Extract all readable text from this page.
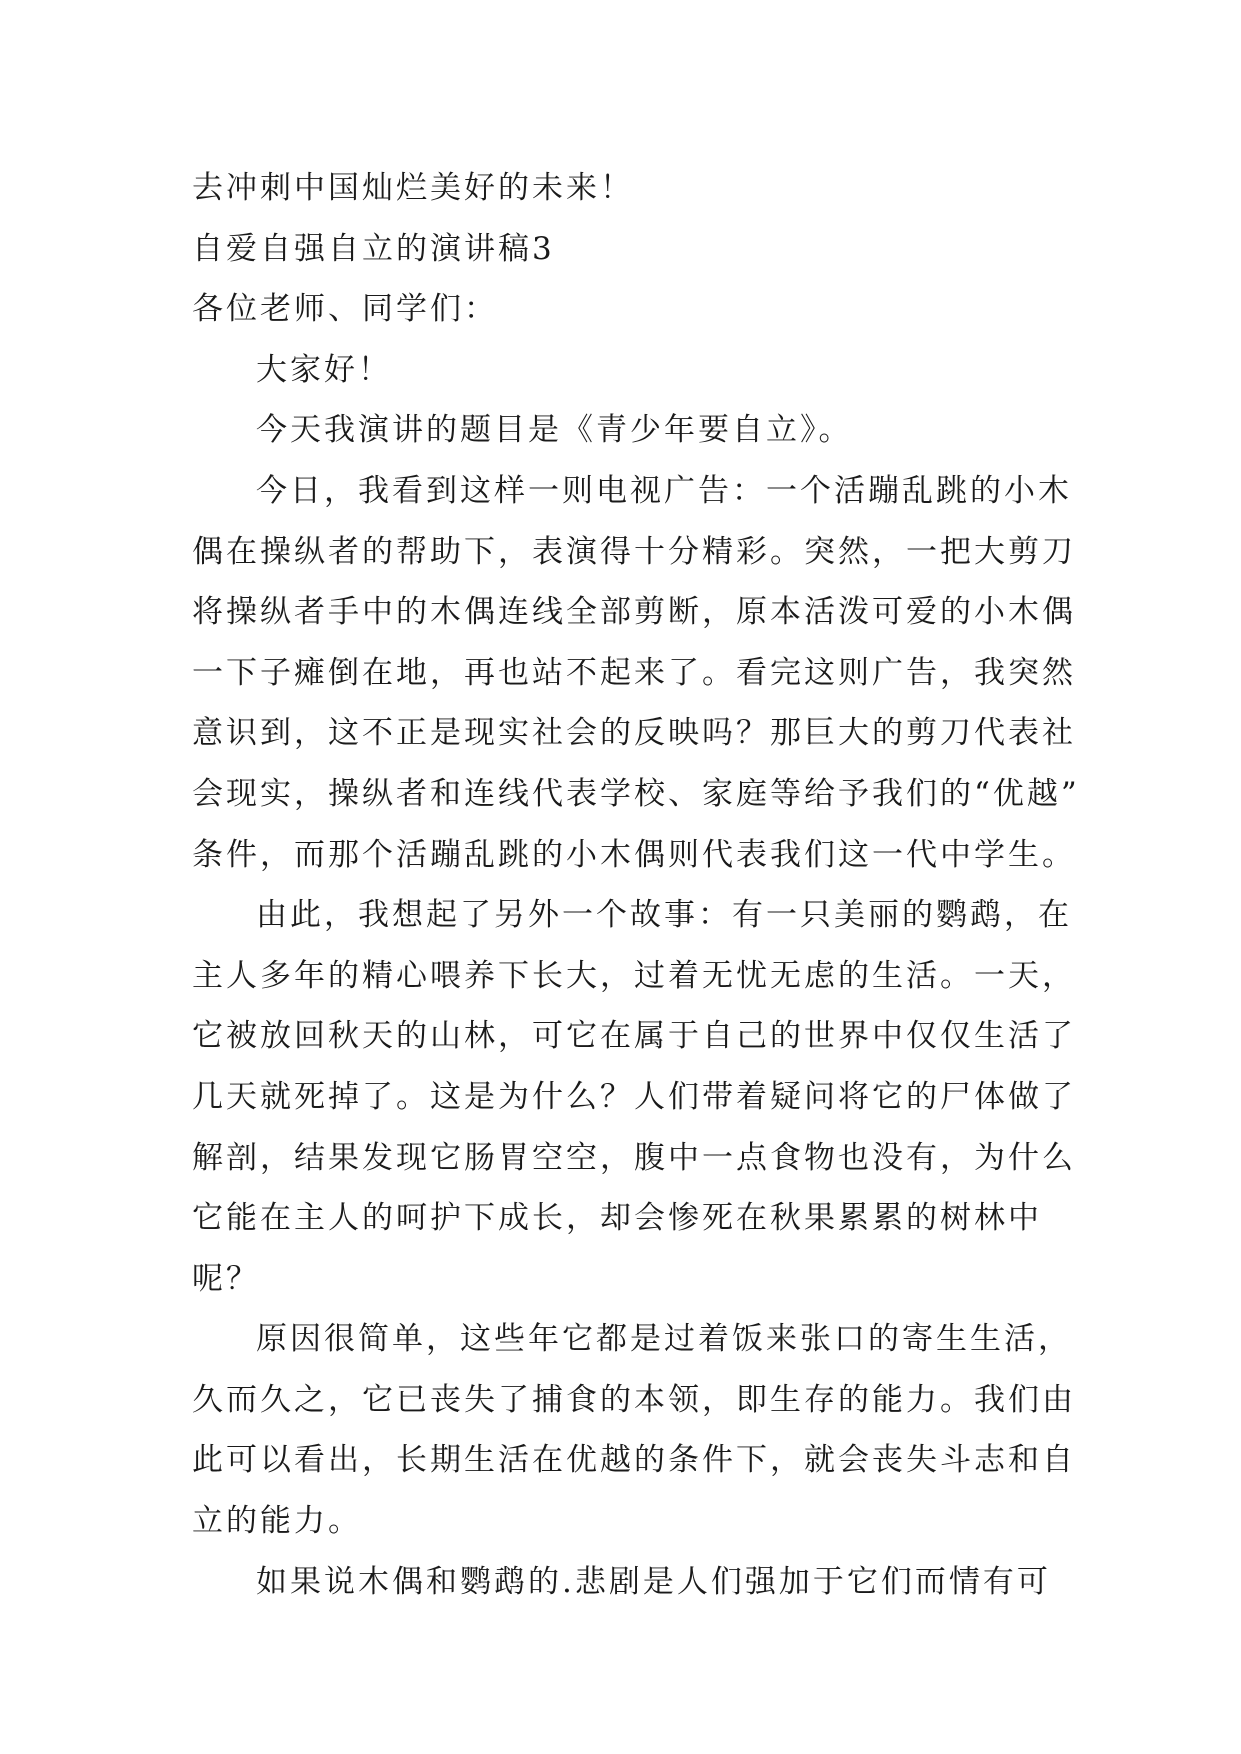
去冲刺中国灿烂美好的未来！
自爱自强自立的演讲稿3
各位老师、同学们：
大家好！
今天我演讲的题目是《青少年要自立》。
今日，我看到这样一则电视广告：一个活蹦乱跳的小木
偶在操纵者的帮助下，表演得十分精彩。突然，一把大剪刀
将操纵者手中的木偶连线全部剪断，原本活泼可爱的小木偶
一下子瘫倒在地，再也站不起来了。看完这则广告，我突然
意识到，这不正是现实社会的反映吗？那巨大的剪刀代表社
会现实，操纵者和连线代表学校、家庭等给予我们的“优越”
条件，而那个活蹦乱跳的小木偶则代表我们这一代中学生。
由此，我想起了另外一个故事：有一只美丽的鹦鹉，在
主人多年的精心喂养下长大，过着无忧无虑的生活。一天，
它被放回秋天的山林，可它在属于自己的世界中仅仅生活了
几天就死掉了。这是为什么？人们带着疑问将它的尸体做了
解剖，结果发现它肠胃空空，腹中一点食物也没有，为什么
它能在主人的呵护下成长，却会惨死在秋果累累的树林中
呢？
原因很简单，这些年它都是过着饭来张口的寄生生活，
久而久之，它已丧失了捕食的本领，即生存的能力。我们由
此可以看出，长期生活在优越的条件下，就会丧失斗志和自
立的能力。
如果说木偶和鹦鹉的.悲剧是人们强加于它们而情有可
